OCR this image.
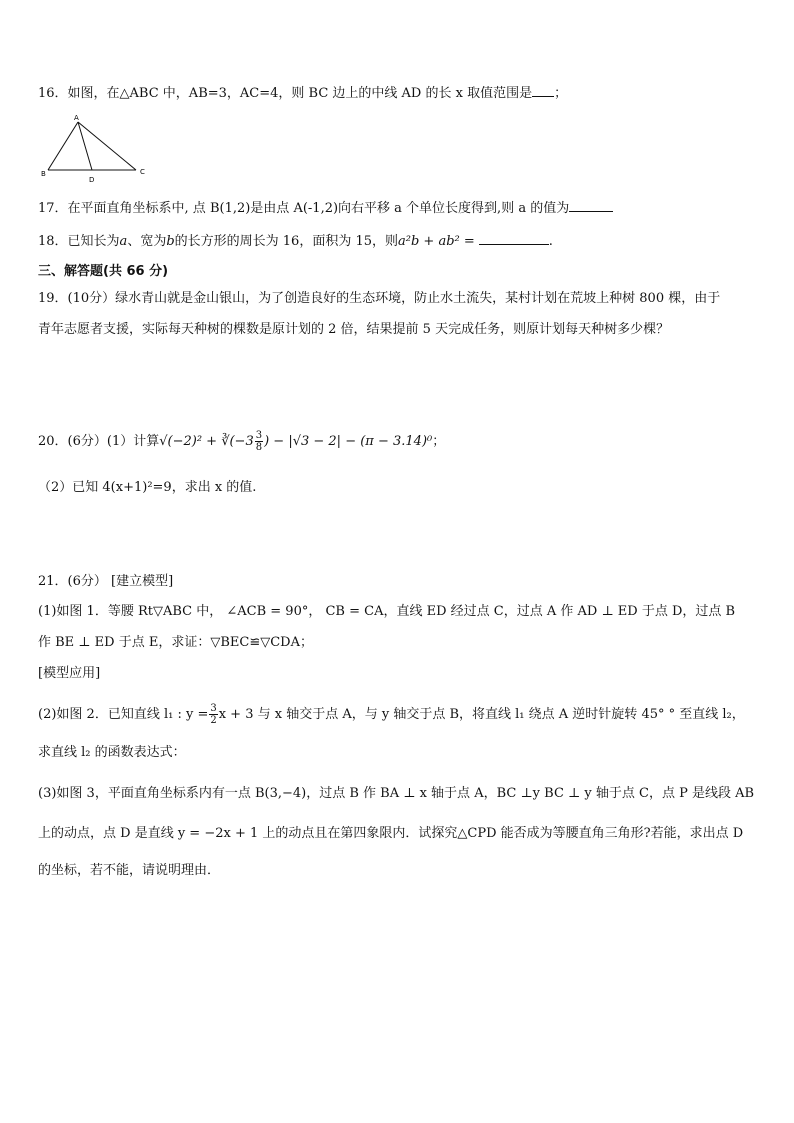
16．如图，在△ABC 中，AB=3，AC=4，则 BC 边上的中线 AD 的长 x 取值范围是 ；
A
B	C
D
17．在平面直角坐标系中, 点 B(1,2)是由点 A(-1,2)向右平移 a 个单位长度得到,则 a 的值为
18．已知长为a、宽为b的长方形的周长为 16，面积为 15，则a²b + ab² =	.
三、解答题(共 66 分)
19．(10分）绿水青山就是金山银山，为了创造良好的生态环境，防止水土流失，某村计划在荒坡上种树 800 棵，由于
青年志愿者支援，实际每天种树的棵数是原计划的 2 倍，结果提前 5 天完成任务，则原计划每天种树多少棵？
20．(6分）(1）计算√(−2)² + ∛(−3 $\frac{3}{8}$ ) − |√3 − 2| − (π − 3.14)⁰；
（2）已知 4(x+1)²=9，求出 x 的值.
21．(6分） [建立模型]
(1)如图 1．等腰 Rt▽ABC 中， ∠ACB = 90°， CB = CA，直线 ED 经过点 C，过点 A 作 AD ⊥ ED 于点 D，过点 B
作 BE ⊥ ED 于点 E，求证：▽BEC≌▽CDA；
[模型应用]
(2)如图 2．已知直线 l₁ : $y = \frac{3}{2}$ x + 3 与 x 轴交于点 A，与 y 轴交于点 B，将直线 l₁ 绕点 A 逆时针旋转 45° ° 至直线 l₂，
求直线 l₂ 的函数表达式：
(3)如图 3，平面直角坐标系内有一点 B(3,−4)，过点 B 作 BA ⊥ x 轴于点 A，BC ⊥y BC ⊥ y 轴于点 C，点 P 是线段 AB
上的动点，点 D 是直线 y = −2x + 1 上的动点且在第四象限内．试探究△CPD 能否成为等腰直角三角形?若能，求出点 D
的坐标，若不能，请说明理由．
